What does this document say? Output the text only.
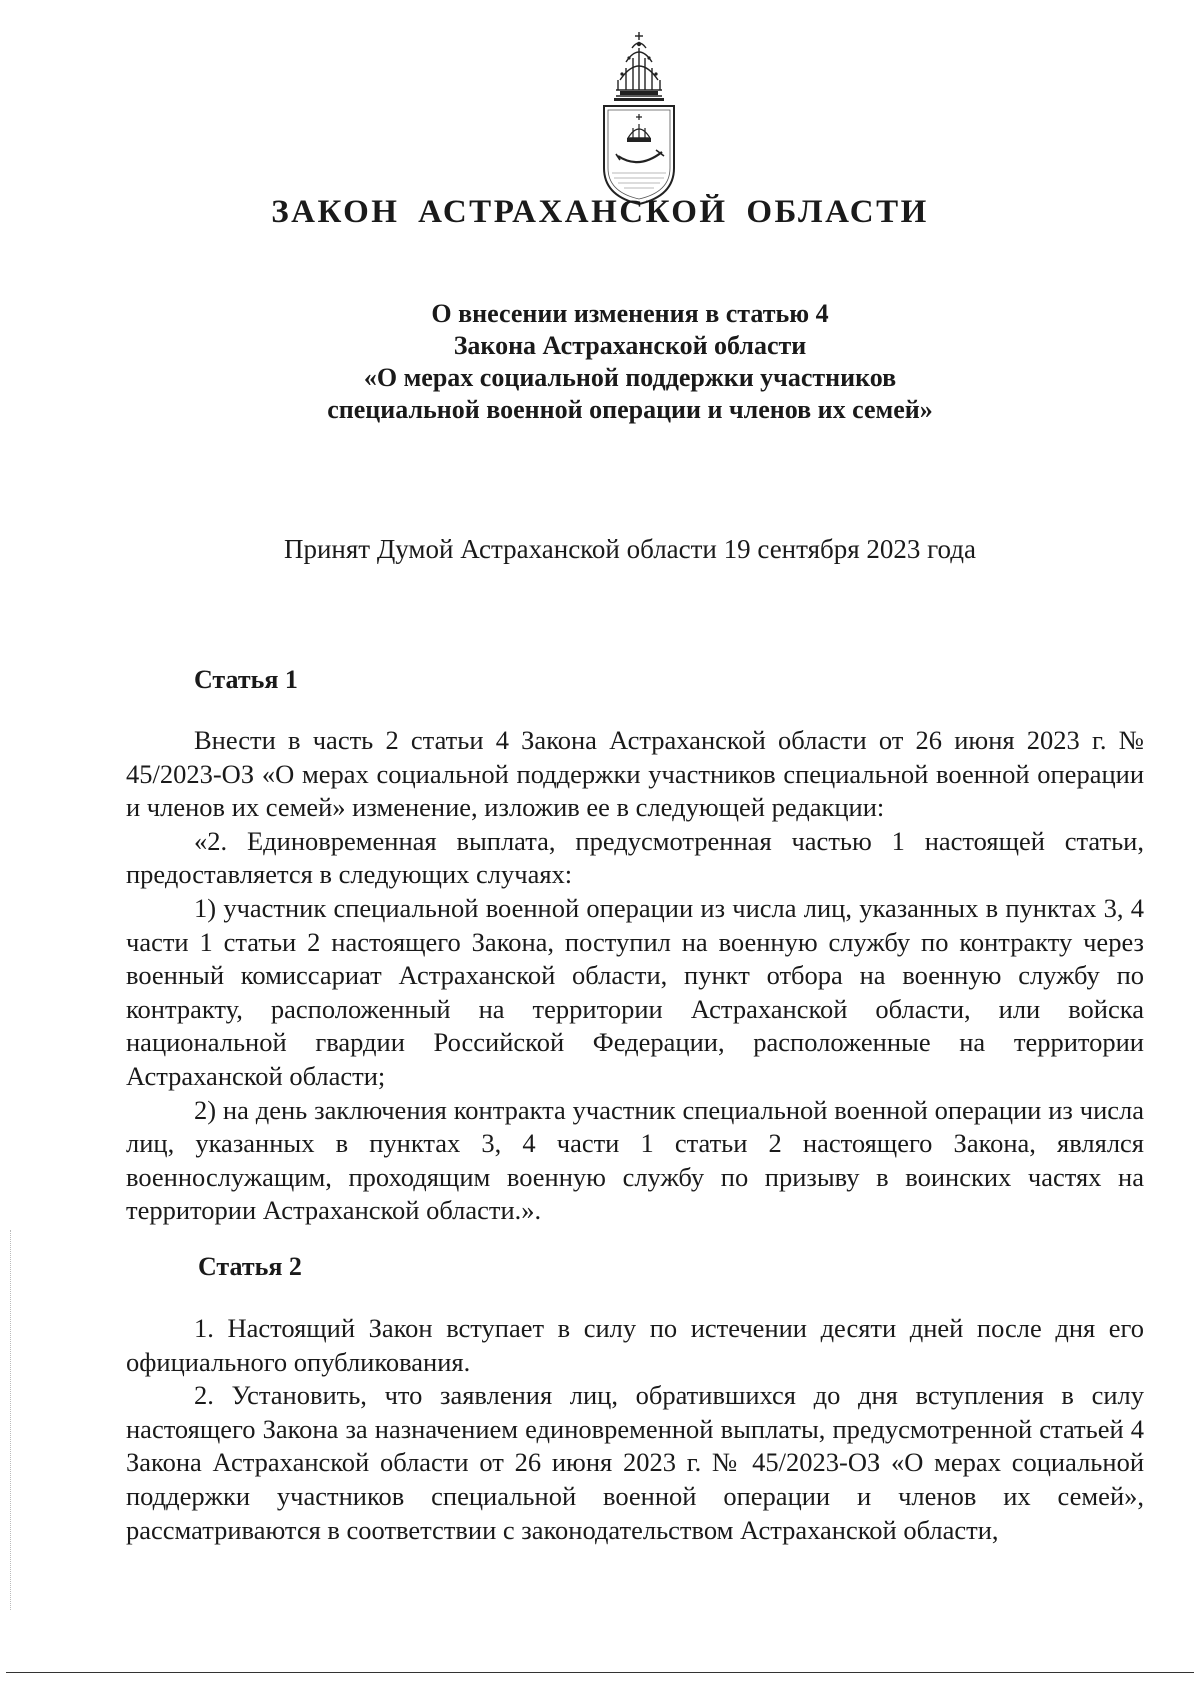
ЗАКОН АСТРАХАНСКОЙ ОБЛАСТИ
О внесении изменения в статью 4
Закона Астраханской области
«О мерах социальной поддержки участников
специальной военной операции и членов их семей»
Принят Думой Астраханской области 19 сентября 2023 года
Статья 1

Внести в часть 2 статьи 4 Закона Астраханской области от 26 июня 2023 г. № 45/2023-ОЗ «О мерах социальной поддержки участников специальной военной операции и членов их семей» изменение, изложив ее в следующей редакции:

«2. Единовременная выплата, предусмотренная частью 1 настоящей статьи, предоставляется в следующих случаях:

1) участник специальной военной операции из числа лиц, указанных в пунктах 3, 4 части 1 статьи 2 настоящего Закона, поступил на военную службу по контракту через военный комиссариат Астраханской области, пункт отбора на военную службу по контракту, расположенный на территории Астраханской области, или войска национальной гвардии Российской Федерации, расположенные на территории Астраханской области;

2) на день заключения контракта участник специальной военной операции из числа лиц, указанных в пунктах 3, 4 части 1 статьи 2 настоящего Закона, являлся военнослужащим, проходящим военную службу по призыву в воинских частях на территории Астраханской области.».

Статья 2

1. Настоящий Закон вступает в силу по истечении десяти дней после дня его официального опубликования.

2. Установить, что заявления лиц, обратившихся до дня вступления в силу настоящего Закона за назначением единовременной выплаты, предусмотренной статьей 4 Закона Астраханской области от 26 июня 2023 г. № 45/2023-ОЗ «О мерах социальной поддержки участников специальной военной операции и членов их семей», рассматриваются в соответствии с законодательством Астраханской области,
